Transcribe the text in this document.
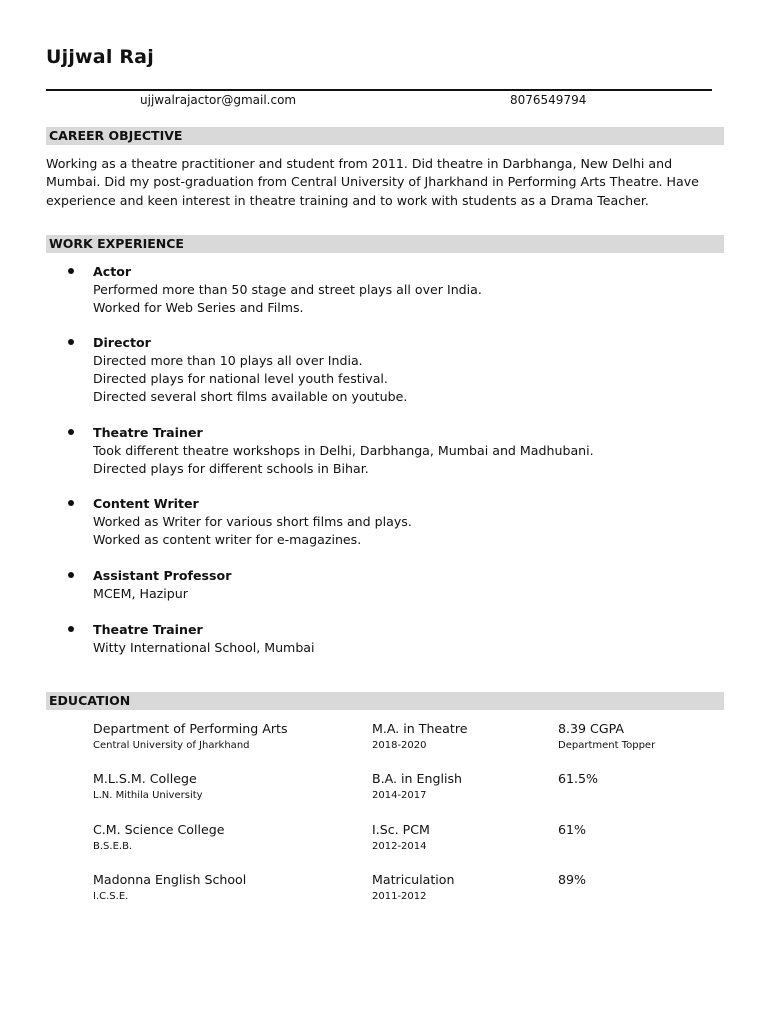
Ujjwal Raj
ujjwalrajactor@gmail.com	8076549794
CAREER OBJECTIVE
Working as a theatre practitioner and student from 2011. Did theatre in Darbhanga, New Delhi and Mumbai. Did my post-graduation from Central University of Jharkhand in Performing Arts Theatre. Have experience and keen interest in theatre training and to work with students as a Drama Teacher.
WORK EXPERIENCE
Actor
Performed more than 50 stage and street plays all over India.
Worked for Web Series and Films.
Director
Directed more than 10 plays all over India.
Directed plays for national level youth festival.
Directed several short films available on youtube.
Theatre Trainer
Took different theatre workshops in Delhi, Darbhanga, Mumbai and Madhubani.
Directed plays for different schools in Bihar.
Content Writer
Worked as Writer for various short films and plays.
Worked as content writer for e-magazines.
Assistant Professor
MCEM, Hazipur
Theatre Trainer
Witty International School, Mumbai
EDUCATION
Department of Performing Arts
Central University of Jharkhand
M.A. in Theatre
2018-2020
8.39 CGPA
Department Topper
M.L.S.M. College
L.N. Mithila University
B.A. in English
2014-2017
61.5%
C.M. Science College
B.S.E.B.
I.Sc. PCM
2012-2014
61%
Madonna English School
I.C.S.E.
Matriculation
2011-2012
89%
